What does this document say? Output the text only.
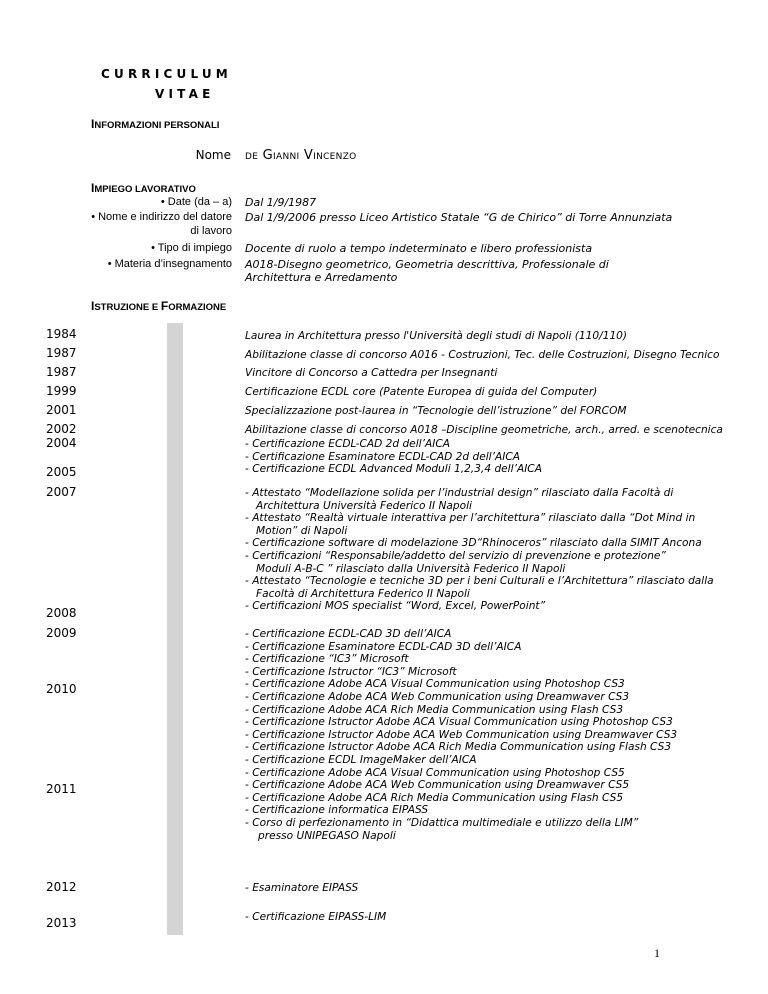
CURRICULUM
VITAE
INFORMAZIONI PERSONALI
Nome de Gianni Vincenzo
IMPIEGO LAVORATIVO
• Date (da – a)
• Nome e indirizzo del datore
di lavoro
• Tipo di impiego
• Materia d’insegnamento
Dal 1/9/1987
Dal 1/9/2006 presso Liceo Artistico Statale “G de Chirico” di Torre Annunziata
Docente di ruolo a tempo indeterminato e libero professionista
A018-Disegno geometrico, Geometria descrittiva, Professionale di Architettura e Arredamento
ISTRUZIONE E FORMAZIONE
1984
1987
1987
1999
2001
2002
2004
2005
2007
2008
2009
2010
2011
2012
2013
Laurea in Architettura presso l'Università degli studi di Napoli (110/110)
Abilitazione classe di concorso A016 - Costruzioni, Tec. delle Costruzioni, Disegno Tecnico
Vincitore di Concorso a Cattedra per Insegnanti
Certificazione ECDL core (Patente Europea di guida del Computer)
Specializzazione post-laurea in “Tecnologie dell’istruzione” del FORCOM
Abilitazione classe di concorso A018 –Discipline geometriche, arch., arred. e scenotecnica
- Certificazione ECDL-CAD 2d dell’AICA
- Certificazione Esaminatore ECDL-CAD 2d dell’AICA
- Certificazione ECDL Advanced Moduli 1,2,3,4 dell’AICA
- Attestato “Modellazione solida per l’industrial design” rilasciato dalla Facoltà di
Architettura Università Federico II Napoli
- Attestato “Realtà virtuale interattiva per l’architettura” rilasciato dalla “Dot Mind in
Motion” di Napoli
- Certificazione software di modelazione 3D“Rhinoceros” rilasciato dalla SIMIT Ancona
- Certificazioni “Responsabile/addetto del servizio di prevenzione e protezione”
Moduli A-B-C ” rilasciato dalla Università Federico II Napoli
- Attestato “Tecnologie e tecniche 3D per i beni Culturali e l’Architettura” rilasciato dalla
Facoltà di Architettura Federico II Napoli
- Certificazioni MOS specialist “Word, Excel, PowerPoint”
- Certificazione ECDL-CAD 3D dell’AICA
- Certificazione Esaminatore ECDL-CAD 3D dell’AICA
- Certificazione “IC3” Microsoft
- Certificazione Istructor “IC3” Microsoft
- Certificazione Adobe ACA Visual Communication using Photoshop CS3
- Certificazione Adobe ACA Web Communication using Dreamwaver CS3
- Certificazione Adobe ACA Rich Media Communication using Flash CS3
- Certificazione Istructor Adobe ACA Visual Communication using Photoshop CS3
- Certificazione Istructor Adobe ACA Web Communication using Dreamwaver CS3
- Certificazione Istructor Adobe ACA Rich Media Communication using Flash CS3
- Certificazione ECDL ImageMaker dell’AICA
- Certificazione Adobe ACA Visual Communication using Photoshop CS5
- Certificazione Adobe ACA Web Communication using Dreamwaver CS5
- Certificazione Adobe ACA Rich Media Communication using Flash CS5
- Certificazione informatica EIPASS
- Corso di perfezionamento in “Didattica multimediale e utilizzo della LIM”
presso UNIPEGASO Napoli
- Esaminatore EIPASS
- Certificazione EIPASS-LIM
1
